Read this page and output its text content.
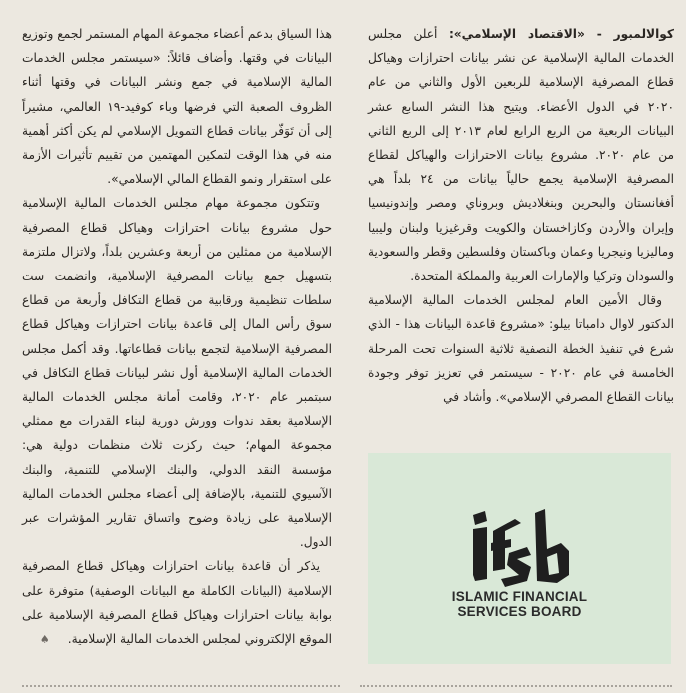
كوالالمبور - «الاقتصاد الإسلامي»: أعلن مجلس الخدمات المالية الإسلامية عن نشر بيانات احترازات وهياكل قطاع المصرفية الإسلامية للربعين الأول والثاني من عام ٢٠٢٠ في الدول الأعضاء. ويتيح هذا النشر السابع عشر البيانات الربعية من الربع الرابع لعام ٢٠١٣ إلى الربع الثاني من عام ٢٠٢٠. مشروع بيانات الاحترازات والهياكل لقطاع المصرفية الإسلامية يجمع حالياً بيانات من ٢٤ بلداً هي أفغانستان والبحرين وبنغلاديش وبروناي ومصر وإندونيسيا وإيران والأردن وكازاخستان والكويت وقرغيزيا ولبنان وليبيا وماليزيا ونيجريا وعمان وباكستان وفلسطين وقطر والسعودية والسودان وتركيا والإمارات العربية والمملكة المتحدة.

وقال الأمين العام لمجلس الخدمات المالية الإسلامية الدكتور لاوال دامباتا بيلو: «مشروع قاعدة البيانات هذا - الذي شرع في تنفيذ الخطة النصفية ثلاثية السنوات تحت المرحلة الخامسة في عام ٢٠٢٠ - سيستمر في تعزيز توفر وجودة بيانات القطاع المصرفي الإسلامي». وأشاد في

هذا السياق بدعم أعضاء مجموعة المهام المستمر لجمع وتوزيع البيانات في وقتها. وأضاف قائلاً: «سيستمر مجلس الخدمات المالية الإسلامية في جمع ونشر البيانات في وقتها أثناء الظروف الصعبة التي فرضها وباء كوفيد-١٩ العالمي، مشيراً إلى أن تَوَفّر بيانات قطاع التمويل الإسلامي لم يكن أكثر أهمية منه في هذا الوقت لتمكين المهتمين من تقييم تأثيرات الأزمة على استقرار ونمو القطاع المالي الإسلامي».

وتتكون مجموعة مهام مجلس الخدمات المالية الإسلامية حول مشروع بيانات احترازات وهياكل قطاع المصرفية الإسلامية من ممثلين من أربعة وعشرين بلداً، ولاتزال ملتزمة بتسهيل جمع بيانات المصرفية الإسلامية، وانضمت ست سلطات تنظيمية ورقابية من قطاع التكافل وأربعة من قطاع سوق رأس المال إلى قاعدة بيانات احترازات وهياكل قطاع المصرفية الإسلامية لتجمع بيانات قطاعاتها. وقد أكمل مجلس الخدمات المالية الإسلامية أول نشر لبيانات قطاع التكافل في سبتمبر عام ٢٠٢٠، وقامت أمانة مجلس الخدمات المالية الإسلامية بعقد ندوات وورش دورية لبناء القدرات مع ممثلي مجموعة المهام؛ حيث ركزت ثلاث منظمات دولية هي: مؤسسة النقد الدولي، والبنك الإسلامي للتنمية، والبنك الآسيوي للتنمية، بالإضافة إلى أعضاء مجلس الخدمات المالية الإسلامية على زيادة وضوح واتساق تقارير المؤشرات عبر الدول.

يذكر أن قاعدة بيانات احترازات وهياكل قطاع المصرفية الإسلامية (البيانات الكاملة مع البيانات الوصفية) متوفرة على بوابة بيانات احترازات وهياكل قطاع المصرفية الإسلامية على الموقع الإلكتروني لمجلس الخدمات المالية الإسلامية.♠

ISLAMIC FINANCIAL
SERVICES BOARD
